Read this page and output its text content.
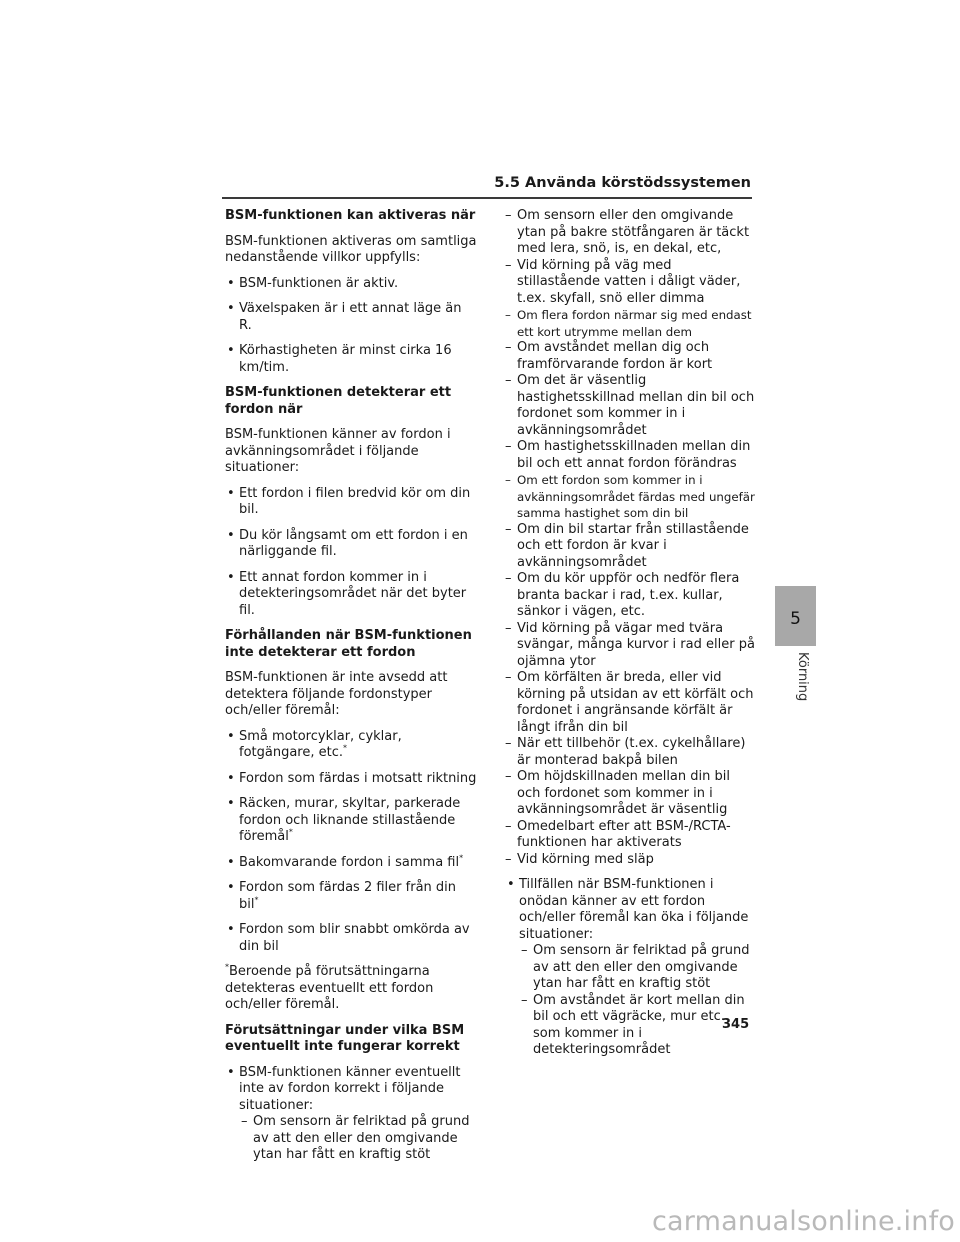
5.5 Använda körstödssystemen
BSM-funktionen kan aktiveras när
BSM-funktionen aktiveras om samtliga nedanstående villkor uppfylls:
• BSM-funktionen är aktiv.
• Växelspaken är i ett annat läge än R.
• Körhastigheten är minst cirka 16 km/tim.
BSM-funktionen detekterar ett fordon när
BSM-funktionen känner av fordon i avkänningsområdet i följande situationer:
• Ett fordon i filen bredvid kör om din bil.
• Du kör långsamt om ett fordon i en närliggande fil.
• Ett annat fordon kommer in i detekteringsområdet när det byter fil.
Förhållanden när BSM-funktionen inte detekterar ett fordon
BSM-funktionen är inte avsedd att detektera följande fordonstyper och/eller föremål:
• Små motorcyklar, cyklar, fotgängare, etc.*
• Fordon som färdas i motsatt riktning
• Räcken, murar, skyltar, parkerade fordon och liknande stillastående föremål*
• Bakomvarande fordon i samma fil*
• Fordon som färdas 2 filer från din bil*
• Fordon som blir snabbt omkörda av din bil
*Beroende på förutsättningarna detekteras eventuellt ett fordon och/eller föremål.
Förutsättningar under vilka BSM eventuellt inte fungerar korrekt
• BSM-funktionen känner eventuellt inte av fordon korrekt i följande situationer:
– Om sensorn är felriktad på grund av att den eller den omgivande ytan har fått en kraftig stöt
– Om sensorn eller den omgivande ytan på bakre stötfångaren är täckt med lera, snö, is, en dekal, etc,
– Vid körning på väg med stillastående vatten i dåligt väder, t.ex. skyfall, snö eller dimma
– Om flera fordon närmar sig med endast ett kort utrymme mellan dem
– Om avståndet mellan dig och framförvarande fordon är kort
– Om det är väsentlig hastighetsskillnad mellan din bil och fordonet som kommer in i avkänningsområdet
– Om hastighetsskillnaden mellan din bil och ett annat fordon förändras
– Om ett fordon som kommer in i avkänningsområdet färdas med ungefär samma hastighet som din bil
– Om din bil startar från stillastående och ett fordon är kvar i avkänningsområdet
– Om du kör uppför och nedför flera branta backar i rad, t.ex. kullar, sänkor i vägen, etc.
– Vid körning på vägar med tvära svängar, många kurvor i rad eller på ojämna ytor
– Om körfälten är breda, eller vid körning på utsidan av ett körfält och fordonet i angränsande körfält är långt ifrån din bil
– När ett tillbehör (t.ex. cykelhållare) är monterad bakpå bilen
– Om höjdskillnaden mellan din bil och fordonet som kommer in i avkänningsområdet är väsentlig
– Omedelbart efter att BSM-/RCTA-funktionen har aktiverats
– Vid körning med släp
• Tillfällen när BSM-funktionen i onödan känner av ett fordon och/eller föremål kan öka i följande situationer:
– Om sensorn är felriktad på grund av att den eller den omgivande ytan har fått en kraftig stöt
– Om avståndet är kort mellan din bil och ett vägräcke, mur etc. som kommer in i detekteringsområdet
5
Körning
345
carmanualsonline.info
